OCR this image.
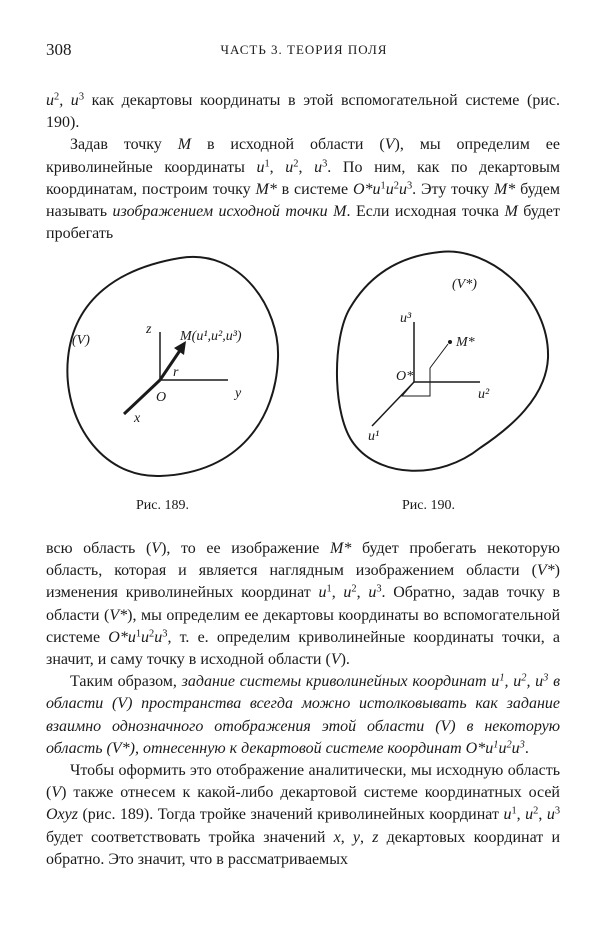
308	ЧАСТЬ 3. ТЕОРИЯ ПОЛЯ

$u^2$, $u^3$ как декартовы координаты в этой вспомогательной системе (рис. 190).

Задав точку M в исходной области (V), мы определим ее криволинейные координаты $u^1$, $u^2$, $u^3$. По ним, как по декартовым координатам, построим точку M* в системе $O*u^1u^2u^3$. Эту точку M* будем называть изображением исходной точки M. Если исходная точка M будет пробегать

(V)
z
y
x
O
r
M(u¹,u²,u³)
(V*)
u³
u²
u¹
O*
M*
Рис. 189.	Рис. 190.

всю область (V), то ее изображение M* будет пробегать некоторую область, которая и является наглядным изображением области (V*) изменения криволинейных координат $u^1$, $u^2$, $u^3$. Обратно, задав точку в области (V*), мы определим ее декартовы координаты во вспомогательной системе $O*u^1u^2u^3$, т. е. определим криволинейные координаты точки, а значит, и саму точку в исходной области (V).

Таким образом, задание системы криволинейных координат $u^1$, $u^2$, $u^3$ в области (V) пространства всегда можно истолковывать как задание взаимно однозначного отображения этой области (V) в некоторую область (V*), отнесенную к декартовой системе координат $O*u^1u^2u^3$.

Чтобы оформить это отображение аналитически, мы исходную область (V) также отнесем к какой-либо декартовой системе координатных осей Oxyz (рис. 189). Тогда тройке значений криволинейных координат $u^1$, $u^2$, $u^3$ будет соответствовать тройка значений x, y, z декартовых координат и обратно. Это значит, что в рассматриваемых
